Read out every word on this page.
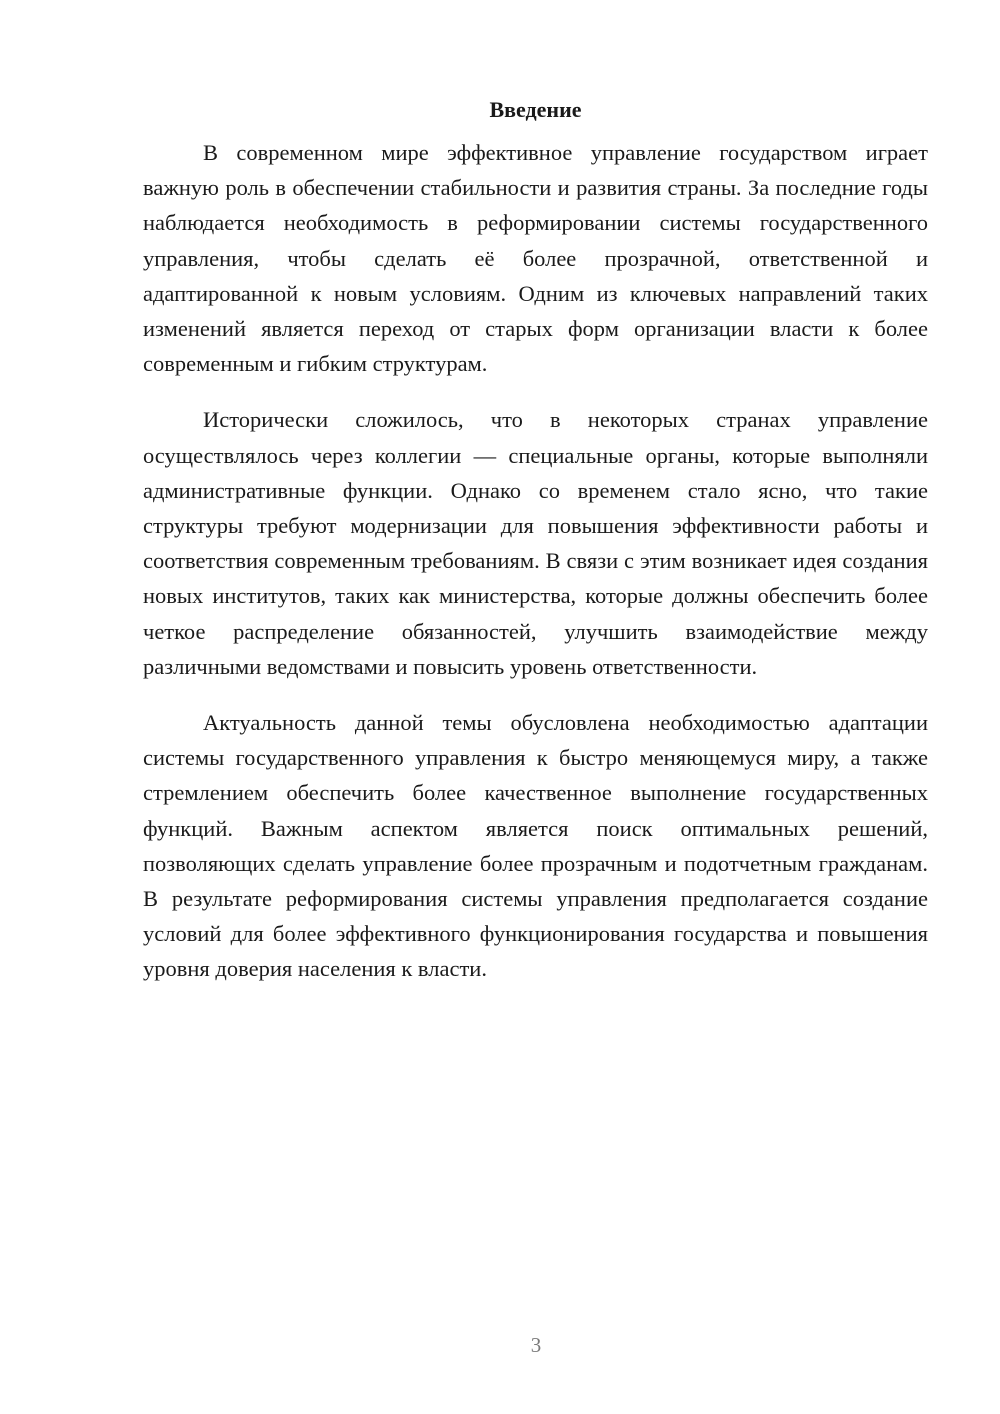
Введение

В современном мире эффективное управление государством играет важную роль в обеспечении стабильности и развития страны. За последние годы наблюдается необходимость в реформировании системы государственного управления, чтобы сделать её более прозрачной, ответственной и адаптированной к новым условиям. Одним из ключевых направлений таких изменений является переход от старых форм организации власти к более современным и гибким структурам.

Исторически сложилось, что в некоторых странах управление осуществлялось через коллегии — специальные органы, которые выполняли административные функции. Однако со временем стало ясно, что такие структуры требуют модернизации для повышения эффективности работы и соответствия современным требованиям. В связи с этим возникает идея создания новых институтов, таких как министерства, которые должны обеспечить более четкое распределение обязанностей, улучшить взаимодействие между различными ведомствами и повысить уровень ответственности.

Актуальность данной темы обусловлена необходимостью адаптации системы государственного управления к быстро меняющемуся миру, а также стремлением обеспечить более качественное выполнение государственных функций. Важным аспектом является поиск оптимальных решений, позволяющих сделать управление более прозрачным и подотчетным гражданам. В результате реформирования системы управления предполагается создание условий для более эффективного функционирования государства и повышения уровня доверия населения к власти.

3
